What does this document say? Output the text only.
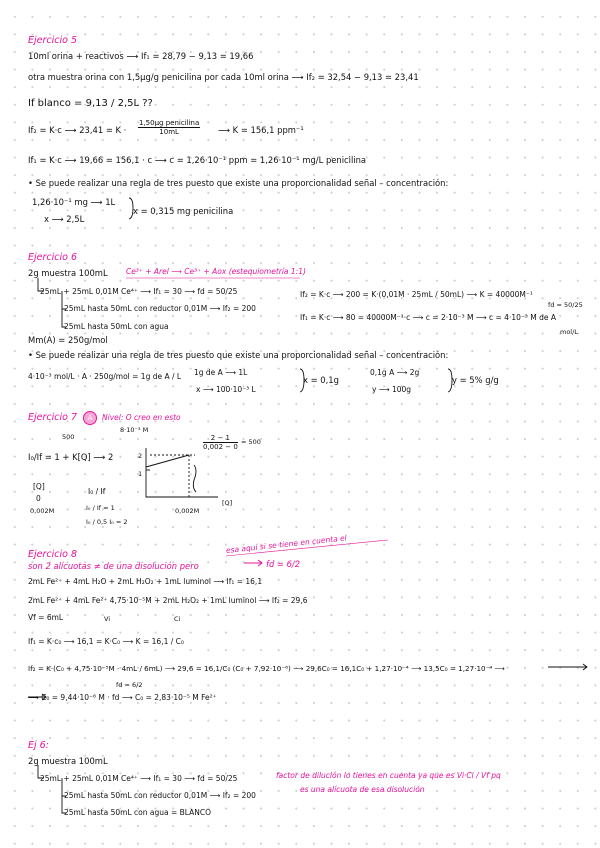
Ejercicio 5
10ml orina + reactivos ⟶ If₁ = 28,79 − 9,13 = 19,66
otra muestra orina con 1,5µg/g penicilina por cada 10ml orina ⟶ If₂ = 32,54 − 9,13 = 23,41
If blanco = 9,13 / 2,5L ??
If₂ = K·c ⟶ 23,41 = K ·
1,50µg penicilina
10mL	⟶ K = 156,1 ppm⁻¹
If₁ = K·c ⟶ 19,66 = 156,1 · c ⟶ c = 1,26·10⁻¹ ppm = 1,26·10⁻¹ mg/L penicilina
• Se puede realizar una regla de tres puesto que existe una proporcionalidad señal – concentración:
1,26·10⁻¹ mg ⟶ 1L
x ⟶ 2,5L
x = 0,315 mg penicilina
Ejercicio 6
2g muestra 100mL Ce³⁺ + Arel ⟶ Ce³⁺ + Aox (estequiometría 1:1)
25mL + 25mL 0,01M Ce⁴⁺ ⟶ If₁ = 30 ⟶ fd = 50/25
25mL hasta 50mL con reductor 0,01M ⟶ If₂ = 200
25mL hasta 50mL con agua
If₂ = K·c ⟶ 200 = K·(0,01M · 25mL / 50mL) ⟶ K = 40000M⁻¹
If₁ = K·c ⟶ 80 = 40000M⁻¹·c ⟶ c = 2·10⁻³ M ⟶ c = 4·10⁻³ M de A
fd = 50/25
mol/L
Mm(A) = 250g/mol
• Se puede realizar una regla de tres puesto que existe una proporcionalidad señal – concentración:
4·10⁻³ mol/L · A · 250g/mol = 1g de A / L 1g de A ⟶ 1L
x ⟶ 100·10⁻³ L
x = 0,1g
0,1g A ⟶ 2g
y ⟶ 100g
y = 5% g/g
Ejercicio 7	A	Nivel: O creo en esto
500
8·10⁻³ M
I₀/If = 1 + K[Q] ⟶ 2	2
1
0,002M
[Q]
$\frac{2 - 1}{0,002 - 0} = 500$
[Q]
0
0,002M
I₀ / If
I₀ / If = 1
I₀ / 0,5 I₀ = 2
Ejercicio 8
son 2 alícuotas ≠ de una disolución pero
esa aquí si se tiene en cuenta el
fd = 6/2
2mL Fe²⁺ + 4mL H₂O + 2mL H₂O₂ + 1mL luminol ⟶ If₁ = 16,1
2mL Fe²⁺ + 4mL Fe²⁺ 4,75·10⁻⁵M + 2mL H₂O₂ + 1mL luminol ⟶ If₂ = 29,6
Vf = 6mL	Vi	Ci
If₁ = K·c₀ ⟶ 16,1 = K·C₀ ⟶ K = 16,1 / C₀
If₂ = K·(C₀ + 4,75·10⁻⁵M · 4mL / 6mL) ⟶ 29,6 = 16,1/C₀ (C₀ + 7,92·10⁻⁶) ⟶ 29,6C₀ = 16,1C₀ + 1,27·10⁻⁴ ⟶ 13,5C₀ = 1,27·10⁻⁴ ⟶
⟶ C₀ = 9,44·10⁻⁶ M · fd ⟶ C₀ = 2,83·10⁻⁵ M Fe²⁺
fd = 6/2
Ej 6:
2g muestra 100mL
25mL + 25mL 0,01M Ce⁴⁺ ⟶ If₁ = 30 ⟶ fd = 50/25	factor de dilución lo tienes en cuenta ya que es Vi·Ci / Vf pq
es una alícuota de esa disolución
25mL hasta 50mL con reductor 0,01M ⟶ If₂ = 200
25mL hasta 50mL con agua = BLANCO
